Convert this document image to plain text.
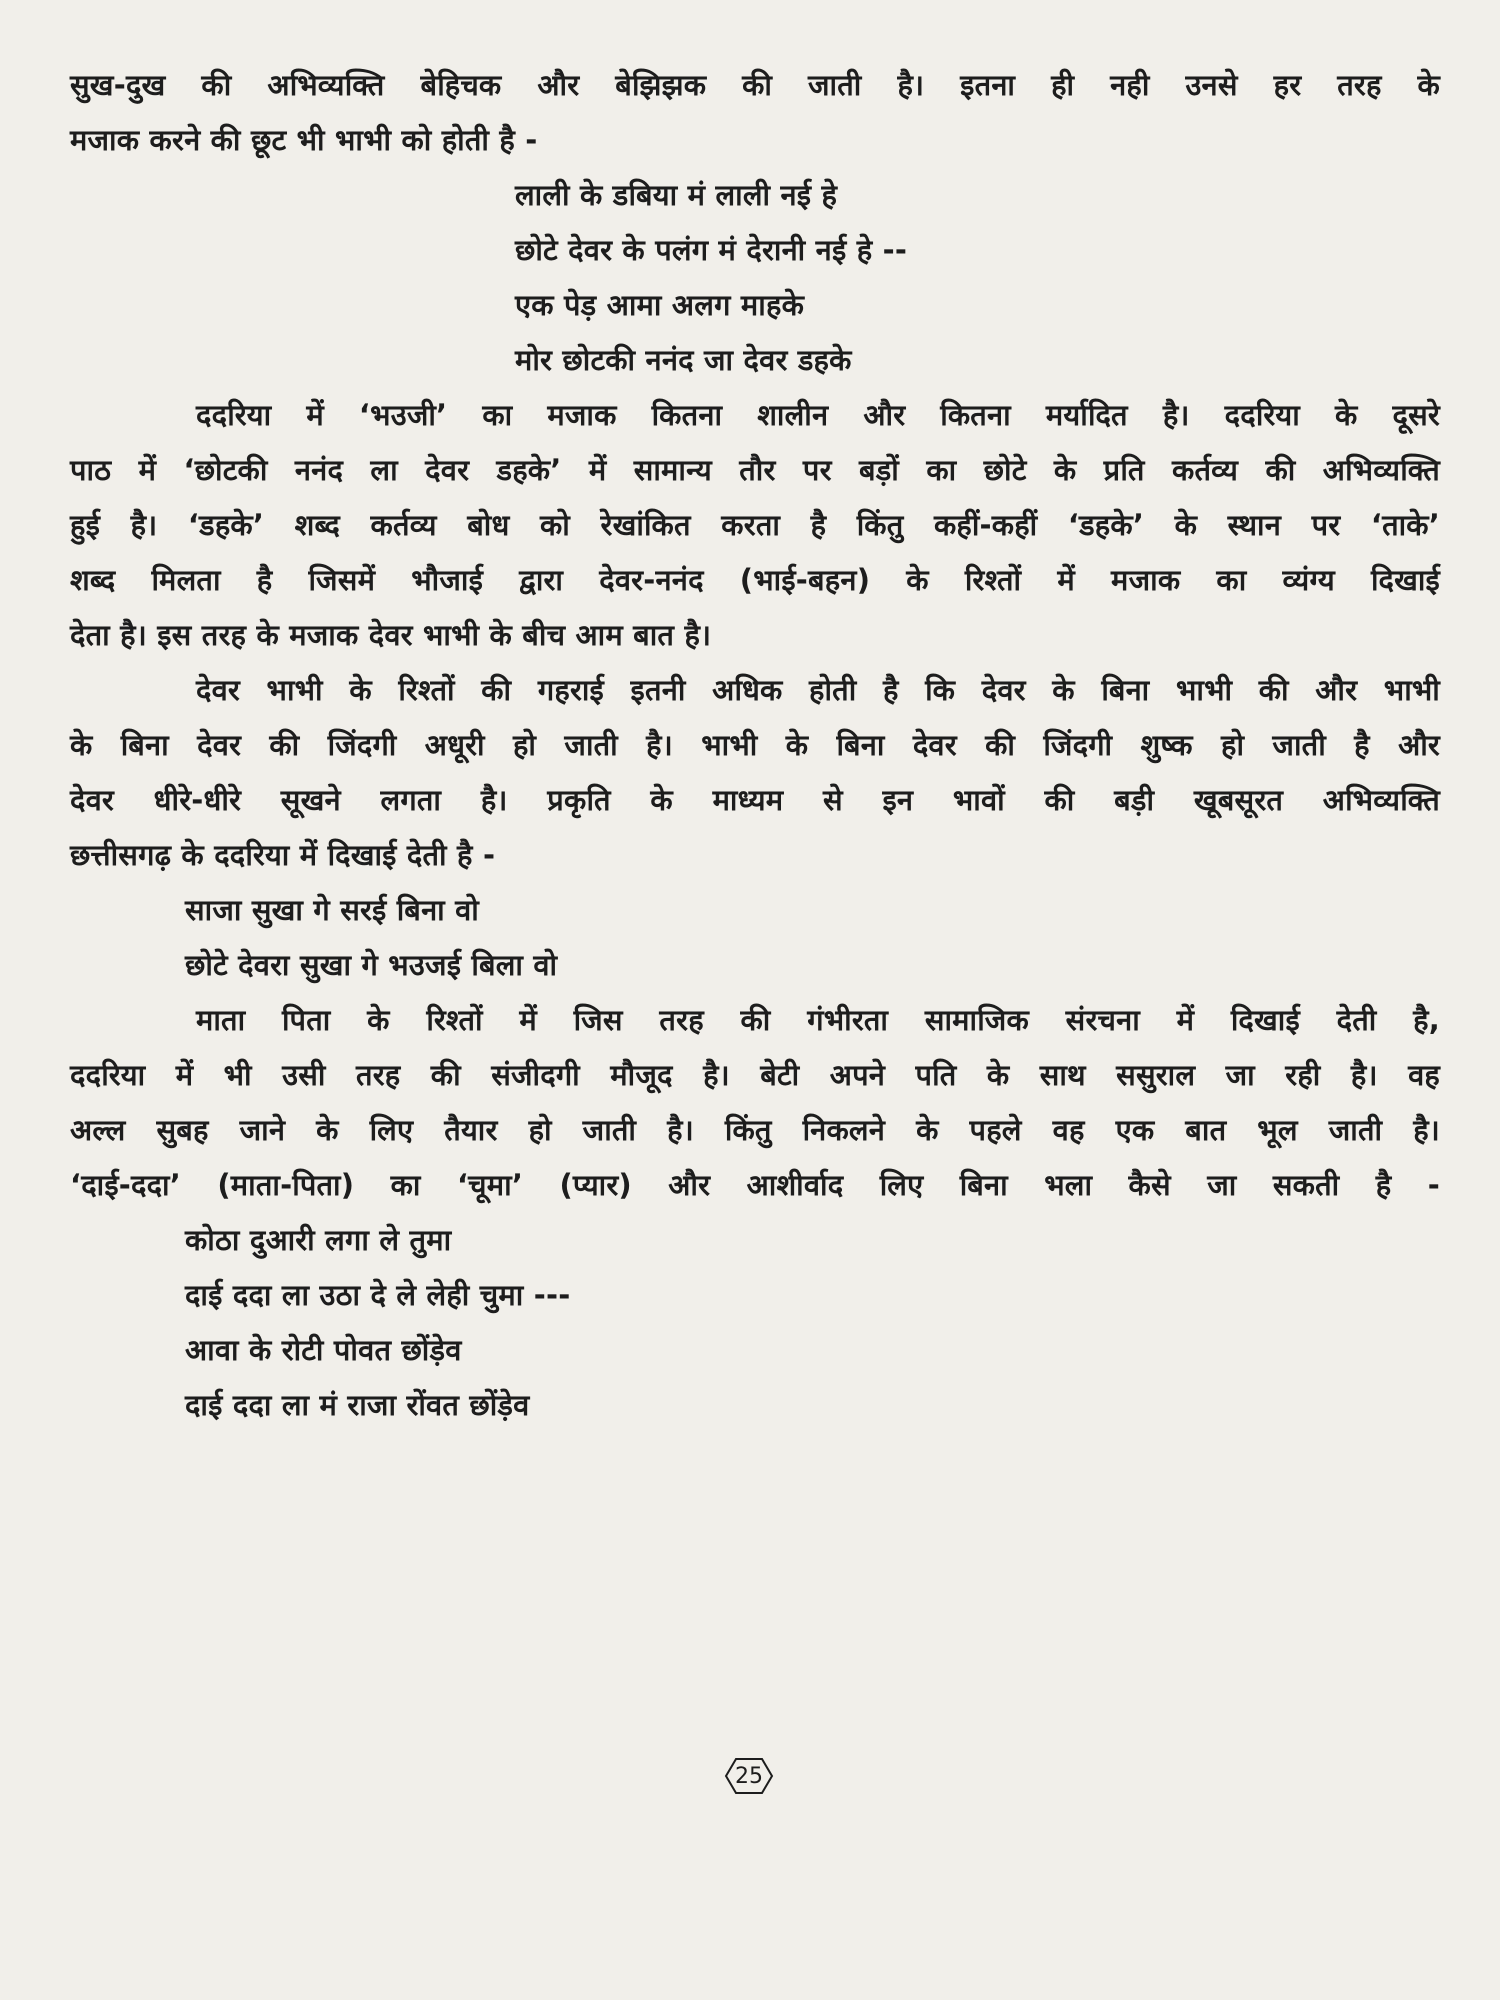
सुख-दुख की अभिव्यक्ति बेहिचक और बेझिझक की जाती है। इतना ही नही उनसे हर तरह के
मजाक करने की छूट भी भाभी को होती है -
लाली के डबिया मं लाली नई हे
छोटे देवर के पलंग मं देरानी नई हे --
एक पेड़ आमा अलग माहके
मोर छोटकी ननंद जा देवर डहके
ददरिया में ‘भउजी’ का मजाक कितना शालीन और कितना मर्यादित है। ददरिया के दूसरे
पाठ में ‘छोटकी ननंद ला देवर डहके’ में सामान्य तौर पर बड़ों का छोटे के प्रति कर्तव्य की अभिव्यक्ति
हुई है। ‘डहके’ शब्द कर्तव्य बोध को रेखांकित करता है किंतु कहीं-कहीं ‘डहके’ के स्थान पर ‘ताके’
शब्द मिलता है जिसमें भौजाई द्वारा देवर-ननंद (भाई-बहन) के रिश्तों में मजाक का व्यंग्य दिखाई
देता है। इस तरह के मजाक देवर भाभी के बीच आम बात है।
देवर भाभी के रिश्तों की गहराई इतनी अधिक होती है कि देवर के बिना भाभी की और भाभी
के बिना देवर की जिंदगी अधूरी हो जाती है। भाभी के बिना देवर की जिंदगी शुष्क हो जाती है और
देवर धीरे-धीरे सूखने लगता है। प्रकृति के माध्यम से इन भावों की बड़ी खूबसूरत अभिव्यक्ति
छत्तीसगढ़ के ददरिया में दिखाई देती है -
साजा सुखा गे सरई बिना वो
छोटे देवरा सुखा गे भउजई बिला वो
माता पिता के रिश्तों में जिस तरह की गंभीरता सामाजिक संरचना में दिखाई देती है,
ददरिया में भी उसी तरह की संजीदगी मौजूद है। बेटी अपने पति के साथ ससुराल जा रही है। वह
अल्ल सुबह जाने के लिए तैयार हो जाती है। किंतु निकलने के पहले वह एक बात भूल जाती है।
‘दाई-ददा’ (माता-पिता) का ‘चूमा’ (प्यार) और आशीर्वाद लिए बिना भला कैसे जा सकती है -
कोठा दुआरी लगा ले तुमा
दाई ददा ला उठा दे ले लेही चुमा ---
आवा के रोटी पोवत छोंड़ेव
दाई ददा ला मं राजा रोंवत छोंड़ेव
25
